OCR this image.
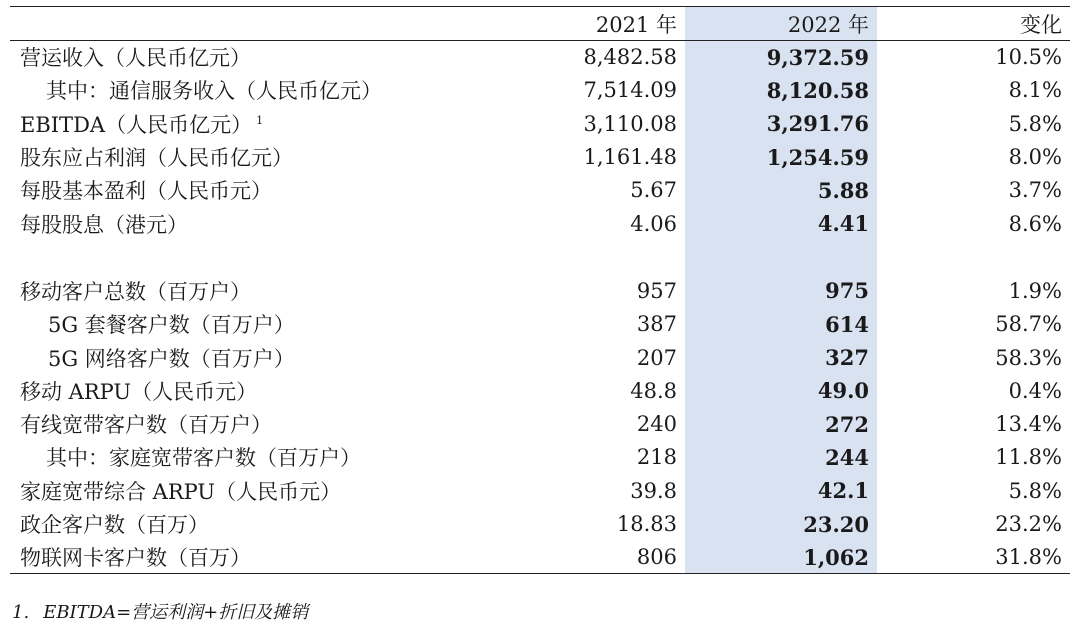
	2021 年	2022 年	变化
营运收入（人民币亿元）	8,482.58	9,372.59	10.5%
其中：通信服务收入（人民币亿元）	7,514.09	8,120.58	8.1%
EBITDA（人民币亿元） $^1$	3,110.08	3,291.76	5.8%
股东应占利润（人民币亿元）	1,161.48	1,254.59	8.0%
每股基本盈利（人民币元）	5.67	5.88	3.7%
每股股息（港元）	4.06	4.41	8.6%

移动客户总数（百万户）	957	975	1.9%
5G 套餐客户数（百万户）	387	614	58.7%
5G 网络客户数（百万户）	207	327	58.3%
移动 ARPU（人民币元）	48.8	49.0	0.4%
有线宽带客户数（百万户）	240	272	13.4%
其中：家庭宽带客户数（百万户）	218	244	11.8%
家庭宽带综合 ARPU（人民币元）	39.8	42.1	5.8%
政企客户数（百万）	18.83	23.20	23.2%
物联网卡客户数（百万）	806	1,062	31.8%
1. EBITDA=营运利润+折旧及摊销
